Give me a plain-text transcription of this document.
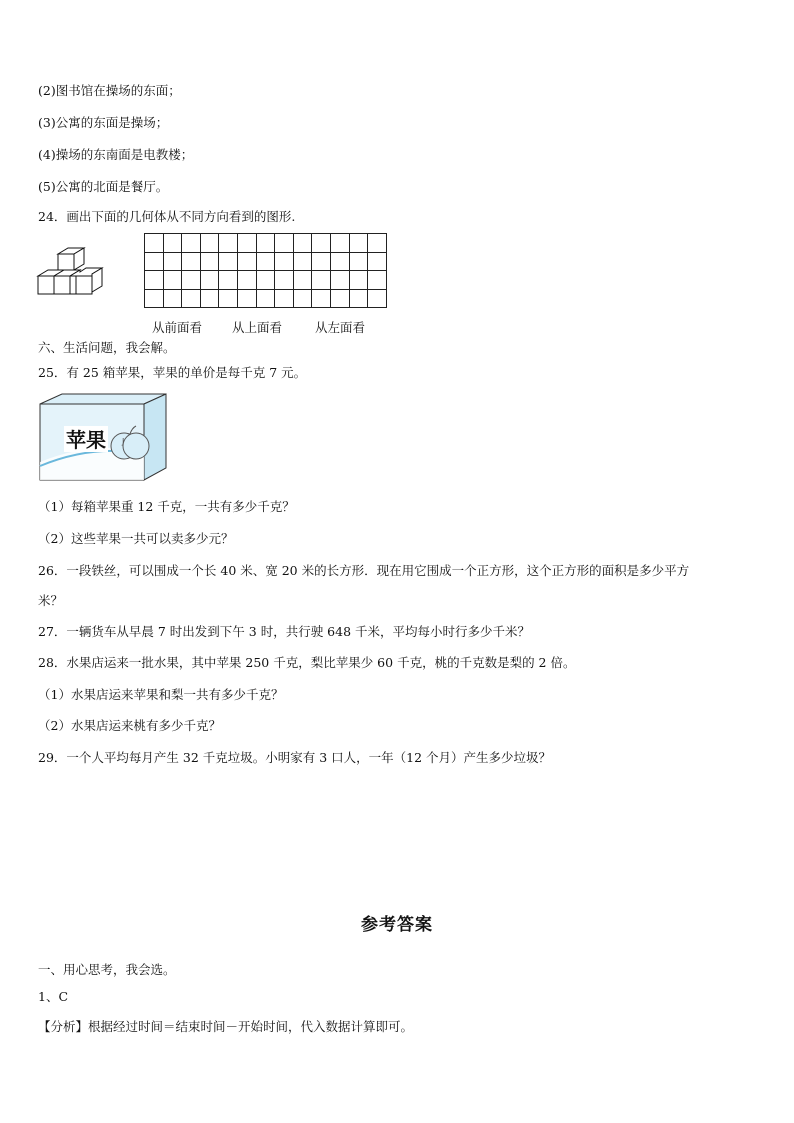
(2)图书馆在操场的东面；
(3)公寓的东面是操场；
(4)操场的东南面是电教楼；
(5)公寓的北面是餐厅。
24．画出下面的几何体从不同方向看到的图形.

从前面看 从上面看	从左面看
六、生活问题，我会解。
25．有 25 箱苹果，苹果的单价是每千克 7 元。
苹果 J
（1）每箱苹果重 12 千克，一共有多少千克？
（2）这些苹果一共可以卖多少元？
26．一段铁丝，可以围成一个长 40 米、宽 20 米的长方形．现在用它围成一个正方形，这个正方形的面积是多少平方
米？
27．一辆货车从早晨 7 时出发到下午 3 时，共行驶 648 千米，平均每小时行多少千米？
28．水果店运来一批水果，其中苹果 250 千克，梨比苹果少 60 千克，桃的千克数是梨的 2 倍。
（1）水果店运来苹果和梨一共有多少千克？
（2）水果店运来桃有多少千克？
29．一个人平均每月产生 32 千克垃圾。小明家有 3 口人，一年（12 个月）产生多少垃圾？
参考答案
一、用心思考，我会选。
1、C
【分析】根据经过时间＝结束时间－开始时间，代入数据计算即可。
